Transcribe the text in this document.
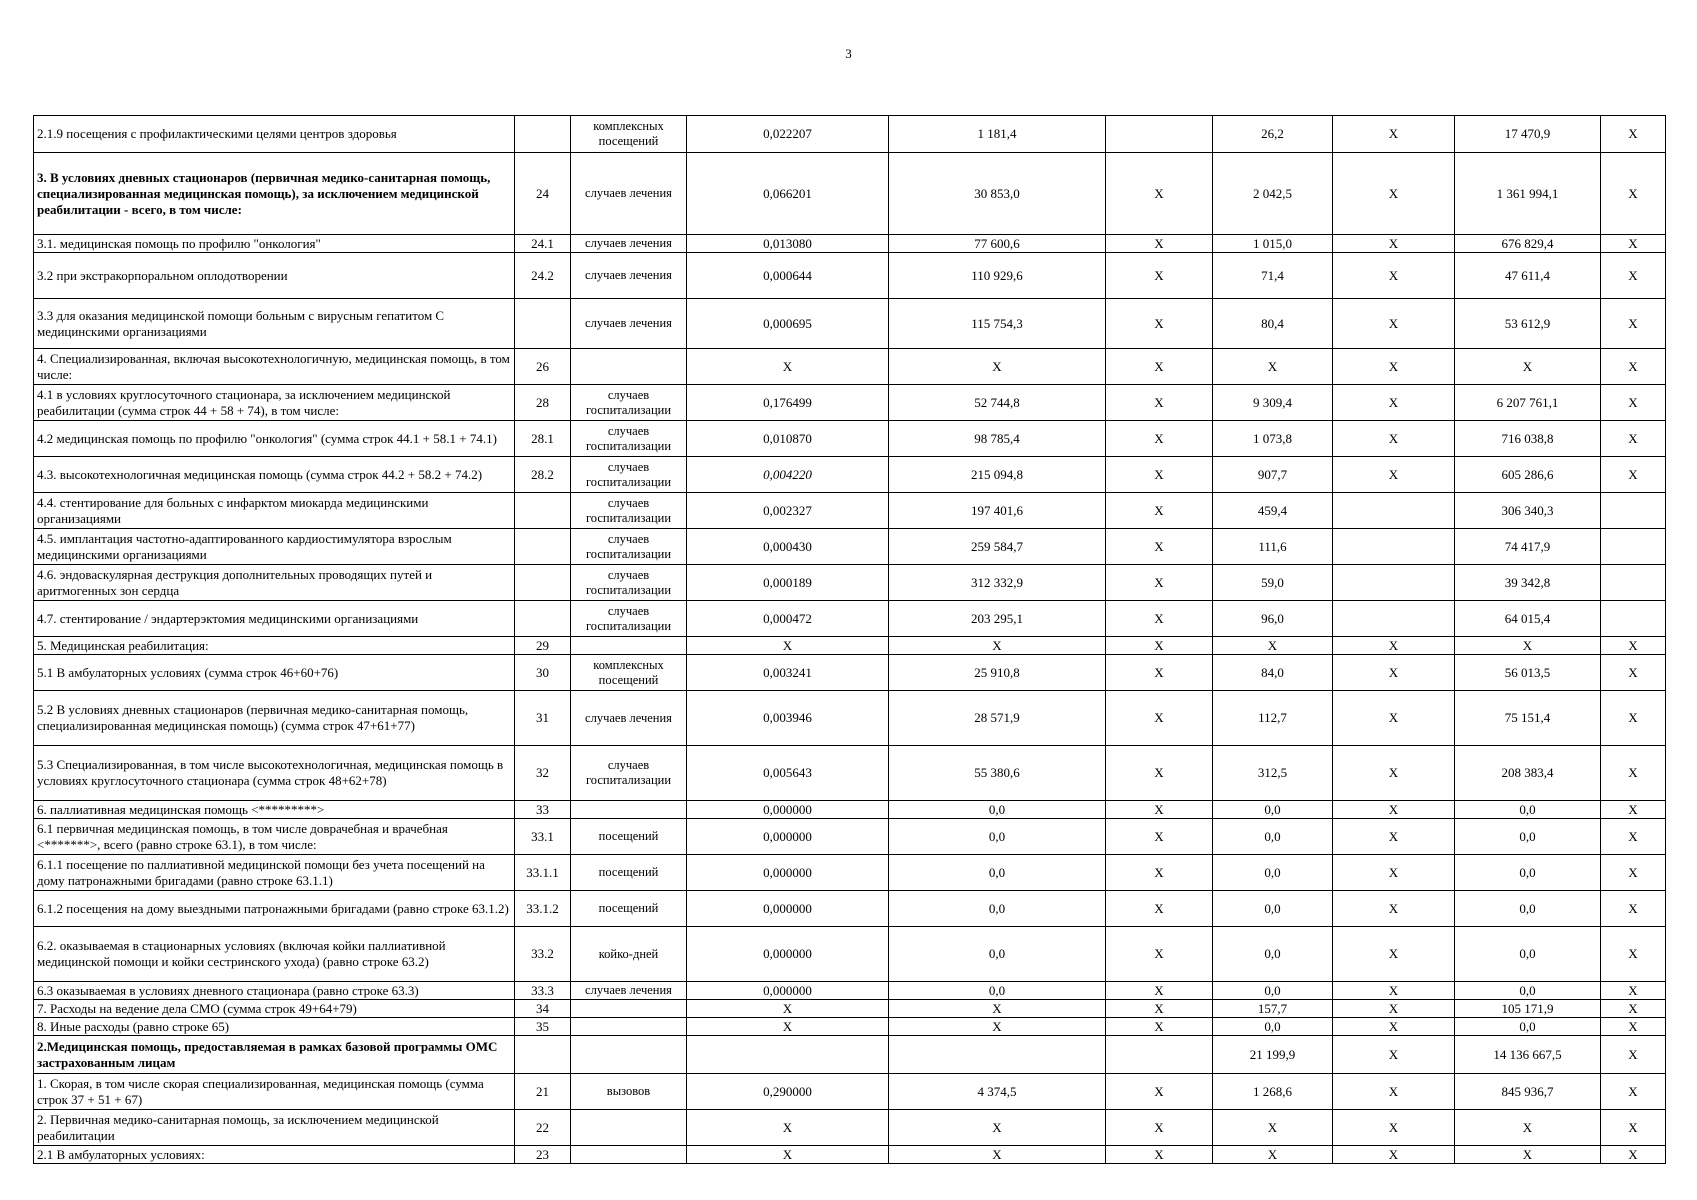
3
2.1.9 посещения с профилактическими целями центров здоровья		комплексных посещений	0,022207	1 181,4		26,2	Х	17 470,9	Х
3. В условиях дневных стационаров (первичная медико-санитарная помощь, специализированная медицинская помощь), за исключением медицинской реабилитации - всего, в том числе:	24	случаев лечения	0,066201	30 853,0	Х	2 042,5	Х	1 361 994,1	Х
3.1. медицинская помощь по профилю "онкология"	24.1	случаев лечения	0,013080	77 600,6	Х	1 015,0	Х	676 829,4	Х
3.2 при экстракорпоральном оплодотворении	24.2	случаев лечения	0,000644	110 929,6	Х	71,4	Х	47 611,4	Х
3.3 для оказания медицинской помощи больным с вирусным гепатитом С медицинскими организациями		случаев лечения	0,000695	115 754,3	Х	80,4	Х	53 612,9	Х
4. Специализированная, включая высокотехнологичную, медицинская помощь, в том числе:	26		Х	Х	Х	Х	Х	Х	Х
4.1 в условиях круглосуточного стационара, за исключением медицинской реабилитации (сумма строк 44 + 58 + 74), в том числе:	28	случаев госпитализации	0,176499	52 744,8	Х	9 309,4	Х	6 207 761,1	Х
4.2 медицинская помощь по профилю "онкология" (сумма строк 44.1 + 58.1 + 74.1)	28.1	случаев госпитализации	0,010870	98 785,4	Х	1 073,8	Х	716 038,8	Х
4.3. высокотехнологичная медицинская помощь (сумма строк 44.2 + 58.2 + 74.2)	28.2	случаев госпитализации	0,004220	215 094,8	Х	907,7	Х	605 286,6	Х
4.4. стентирование для больных с инфарктом миокарда медицинскими организациями		случаев госпитализации	0,002327	197 401,6	Х	459,4		306 340,3	
4.5. имплантация частотно-адаптированного кардиостимулятора взрослым медицинскими организациями		случаев госпитализации	0,000430	259 584,7	Х	111,6		74 417,9	
4.6. эндоваскулярная деструкция дополнительных проводящих путей и аритмогенных зон сердца		случаев госпитализации	0,000189	312 332,9	Х	59,0		39 342,8	
4.7. стентирование / эндартерэктомия медицинскими организациями		случаев госпитализации	0,000472	203 295,1	Х	96,0		64 015,4	
5. Медицинская реабилитация:	29		Х	Х	Х	Х	Х	Х	Х
5.1 В амбулаторных условиях (сумма строк 46+60+76)	30	комплексных посещений	0,003241	25 910,8	Х	84,0	Х	56 013,5	Х
5.2 В условиях дневных стационаров (первичная медико-санитарная помощь, специализированная медицинская помощь) (сумма строк 47+61+77)	31	случаев лечения	0,003946	28 571,9	Х	112,7	Х	75 151,4	Х
5.3 Специализированная, в том числе высокотехнологичная, медицинская помощь в условиях круглосуточного стационара (сумма строк 48+62+78)	32	случаев госпитализации	0,005643	55 380,6	Х	312,5	Х	208 383,4	Х
6. паллиативная медицинская помощь <*********>	33		0,000000	0,0	Х	0,0	Х	0,0	Х
6.1 первичная медицинская помощь, в том числе доврачебная и врачебная <*******>, всего (равно строке 63.1), в том числе:	33.1	посещений	0,000000	0,0	Х	0,0	Х	0,0	Х
6.1.1 посещение по паллиативной медицинской помощи без учета посещений на дому патронажными бригадами (равно строке 63.1.1)	33.1.1	посещений	0,000000	0,0	Х	0,0	Х	0,0	Х
6.1.2 посещения на дому выездными патронажными бригадами (равно строке 63.1.2)	33.1.2	посещений	0,000000	0,0	Х	0,0	Х	0,0	Х
6.2. оказываемая в стационарных условиях (включая койки паллиативной медицинской помощи и койки сестринского ухода) (равно строке 63.2)	33.2	койко-дней	0,000000	0,0	Х	0,0	Х	0,0	Х
6.3 оказываемая в условиях дневного стационара (равно строке 63.3)	33.3	случаев лечения	0,000000	0,0	Х	0,0	Х	0,0	Х
7. Расходы на ведение дела СМО (сумма строк 49+64+79)	34		Х	Х	Х	157,7	Х	105 171,9	Х
8. Иные расходы (равно строке 65)	35		Х	Х	Х	0,0	Х	0,0	Х
2.Медицинская помощь, предоставляемая в рамках базовой программы ОМС застрахованным лицам						21 199,9	Х	14 136 667,5	Х
1. Скорая, в том числе скорая специализированная, медицинская помощь (сумма строк 37 + 51 + 67)	21	вызовов	0,290000	4 374,5	Х	1 268,6	Х	845 936,7	Х
2. Первичная медико-санитарная помощь, за исключением медицинской реабилитации	22		Х	Х	Х	Х	Х	Х	Х
2.1 В амбулаторных условиях:	23		Х	Х	Х	Х	Х	Х	Х
